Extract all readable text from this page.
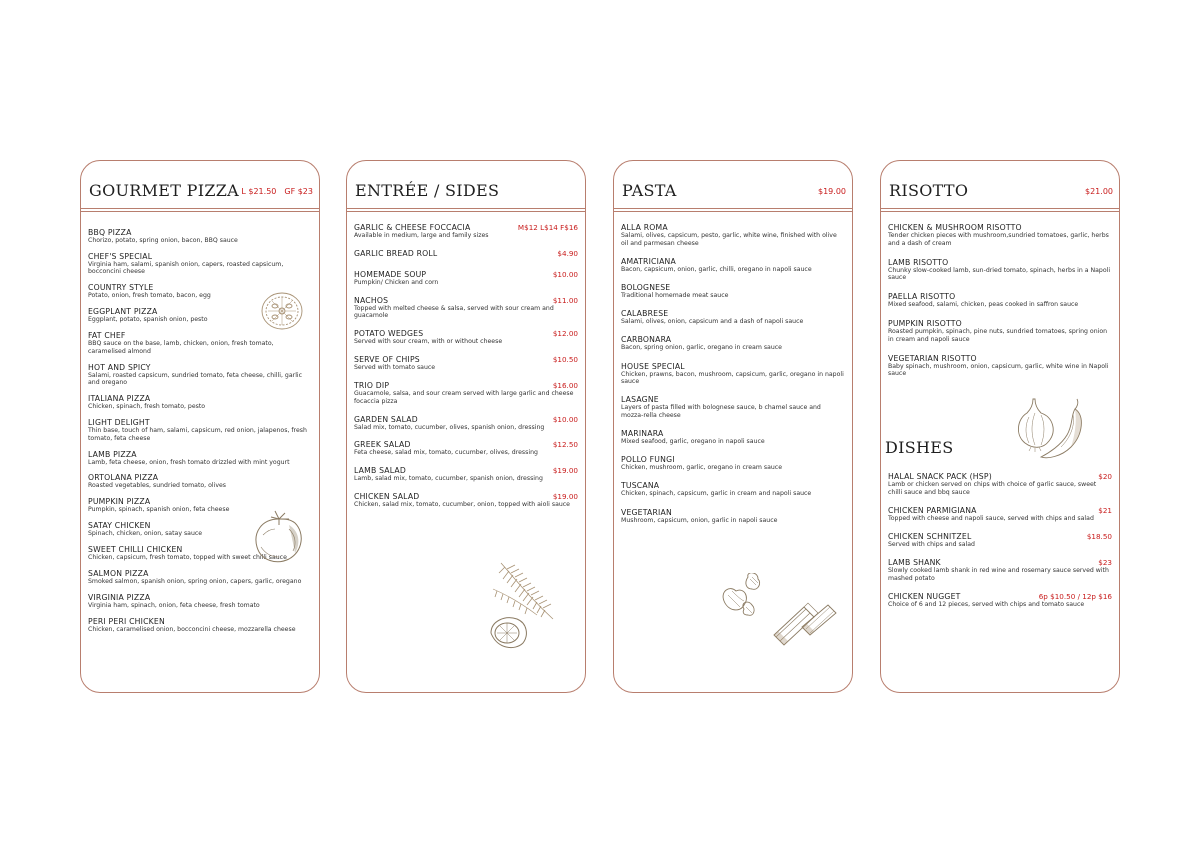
GOURMET PIZZA L $21.50 GF $23
BBQ PIZZA
Chorizo, potato, spring onion, bacon, BBQ sauce
CHEF'S SPECIAL
Virginia ham, salami, spanish onion, capers, roasted capsicum, bocconcini cheese
COUNTRY STYLE
Potato, onion, fresh tomato, bacon, egg
EGGPLANT PIZZA
Eggplant, potato, spanish onion, pesto
FAT CHEF
BBQ sauce on the base, lamb, chicken, onion, fresh tomato, caramelised almond
HOT AND SPICY
Salami, roasted capsicum, sundried tomato, feta cheese, chilli, garlic and oregano
ITALIANA PIZZA
Chicken, spinach, fresh tomato, pesto
LIGHT DELIGHT
Thin base, touch of ham, salami, capsicum, red onion, jalapenos, fresh tomato, feta cheese
LAMB PIZZA
Lamb, feta cheese, onion, fresh tomato drizzled with mint yogurt
ORTOLANA PIZZA
Roasted vegetables, sundried tomato, olives
PUMPKIN PIZZA
Pumpkin, spinach, spanish onion, feta cheese
SATAY CHICKEN
Spinach, chicken, onion, satay sauce
SWEET CHILLI CHICKEN
Chicken, capsicum, fresh tomato, topped with sweet chilli sauce
SALMON PIZZA
Smoked salmon, spanish onion, spring onion, capers, garlic, oregano
VIRGINIA PIZZA
Virginia ham, spinach, onion, feta cheese, fresh tomato
PERI PERI CHICKEN
Chicken, caramelised onion, bocconcini cheese, mozzarella cheese
ENTRÉE / SIDES
GARLIC & CHEESE FOCCACIA	M$12 L$14 F$16
Available in medium, large and family sizes
GARLIC BREAD ROLL	$4.90
HOMEMADE SOUP	$10.00
Pumpkin/ Chicken and corn
NACHOS	$11.00
Topped with melted cheese & salsa, served with sour cream and guacamole
POTATO WEDGES	$12.00
Served with sour cream, with or without cheese
SERVE OF CHIPS	$10.50
Served with tomato sauce
TRIO DIP	$16.00
Guacamole, salsa, and sour cream served with large garlic and cheese focaccia pizza
GARDEN SALAD	$10.00
Salad mix, tomato, cucumber, olives, spanish onion, dressing
GREEK SALAD	$12.50
Feta cheese, salad mix, tomato, cucumber, olives, dressing
LAMB SALAD	$19.00
Lamb, salad mix, tomato, cucumber, spanish onion, dressing
CHICKEN SALAD	$19.00
Chicken, salad mix, tomato, cucumber, onion, topped with aioli sauce
PASTA	$19.00
ALLA ROMA
Salami, olives, capsicum, pesto, garlic, white wine, finished with olive oil and parmesan cheese
AMATRICIANA
Bacon, capsicum, onion, garlic, chilli, oregano in napoli sauce
BOLOGNESE
Traditional homemade meat sauce
CALABRESE
Salami, olives, onion, capsicum and a dash of napoli sauce
CARBONARA
Bacon, spring onion, garlic, oregano in cream sauce
HOUSE SPECIAL
Chicken, prawns, bacon, mushroom, capsicum, garlic, oregano in napoli sauce
LASAGNE
Layers of pasta filled with bolognese sauce, b chamel sauce and mozza-rella cheese
MARINARA
Mixed seafood, garlic, oregano in napoli sauce
POLLO FUNGI
Chicken, mushroom, garlic, oregano in cream sauce
TUSCANA
Chicken, spinach, capsicum, garlic in cream and napoli sauce
VEGETARIAN
Mushroom, capsicum, onion, garlic in napoli sauce
RISOTTO	$21.00
CHICKEN & MUSHROOM RISOTTO
Tender chicken pieces with mushroom,sundried tomatoes, garlic, herbs and a dash of cream
LAMB RISOTTO
Chunky slow-cooked lamb, sun-dried tomato, spinach, herbs in a Napoli sauce
PAELLA RISOTTO
Mixed seafood, salami, chicken, peas cooked in saffron sauce
PUMPKIN RISOTTO
Roasted pumpkin, spinach, pine nuts, sundried tomatoes, spring onion in cream and napoli sauce
VEGETARIAN RISOTTO
Baby spinach, mushroom, onion, capsicum, garlic, white wine in Napoli sauce
DISHES
HALAL SNACK PACK (HSP)	$20
Lamb or chicken served on chips with choice of garlic sauce, sweet chilli sauce and bbq sauce
CHICKEN PARMIGIANA	$21
Topped with cheese and napoli sauce, served with chips and salad
CHICKEN SCHNITZEL	$18.50
Served with chips and salad
LAMB SHANK	$23
Slowly cooked lamb shank in red wine and rosemary sauce served with mashed potato
CHICKEN NUGGET	6p $10.50 / 12p $16
Choice of 6 and 12 pieces, served with chips and tomato sauce
